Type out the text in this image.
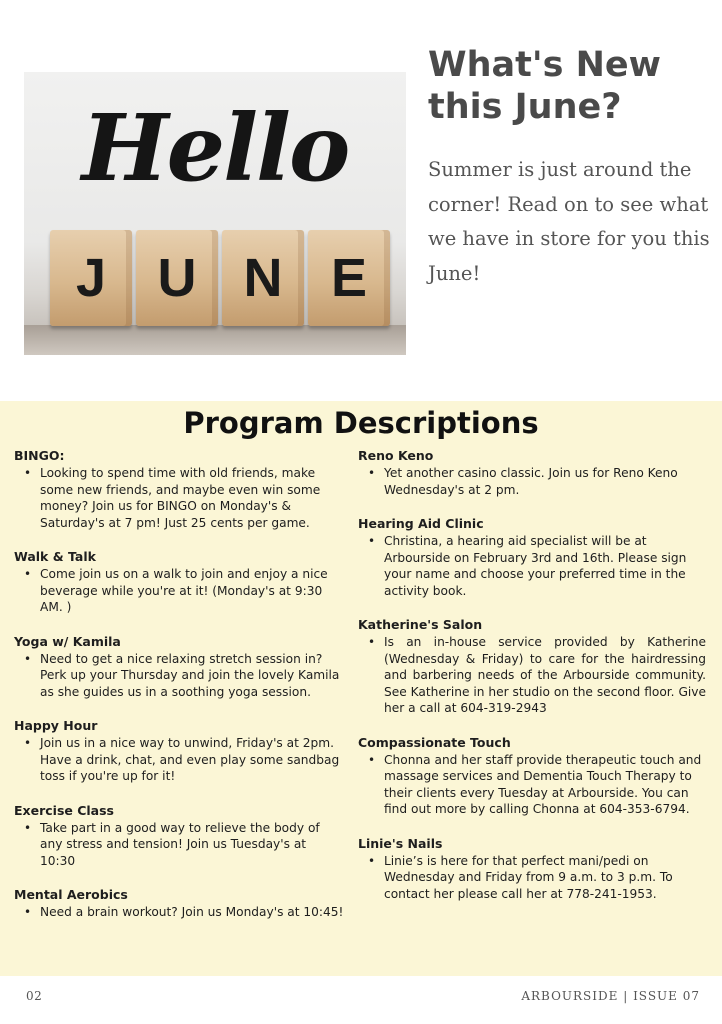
Hello
J U N E
What's New this June?

Summer is just around the corner! Read on to see what we have in store for you this June!

Program Descriptions
BINGO:
• Looking to spend time with old friends, make some new friends, and maybe even win some money? Join us for BINGO on Monday's & Saturday's at 7 pm! Just 25 cents per game.
Walk & Talk
• Come join us on a walk to join and enjoy a nice beverage while you're at it! (Monday's at 9:30 AM. )
Yoga w/ Kamila
• Need to get a nice relaxing stretch session in? Perk up your Thursday and join the lovely Kamila as she guides us in a soothing yoga session.
Happy Hour
• Join us in a nice way to unwind, Friday's at 2pm. Have a drink, chat, and even play some sandbag toss if you're up for it!
Exercise Class
• Take part in a good way to relieve the body of any stress and tension! Join us Tuesday's at 10:30
Mental Aerobics
• Need a brain workout? Join us Monday's at 10:45!
Reno Keno
• Yet another casino classic. Join us for Reno Keno Wednesday's at 2 pm.
Hearing Aid Clinic
• Christina, a hearing aid specialist will be at Arbourside on February 3rd and 16th. Please sign your name and choose your preferred time in the activity book.
Katherine's Salon
• Is an in-house service provided by Katherine (Wednesday & Friday) to care for the hairdressing and barbering needs of the Arbourside community. See Katherine in her studio on the second floor. Give her a call at 604-319-2943
Compassionate Touch
• Chonna and her staff provide therapeutic touch and massage services and Dementia Touch Therapy to their clients every Tuesday at Arbourside. You can find out more by calling Chonna at 604-353-6794.
Linie's Nails
• Linie’s is here for that perfect mani/pedi on Wednesday and Friday from 9 a.m. to 3 p.m. To contact her please call her at 778-241-1953.
02	ARBOURSIDE | ISSUE 07
